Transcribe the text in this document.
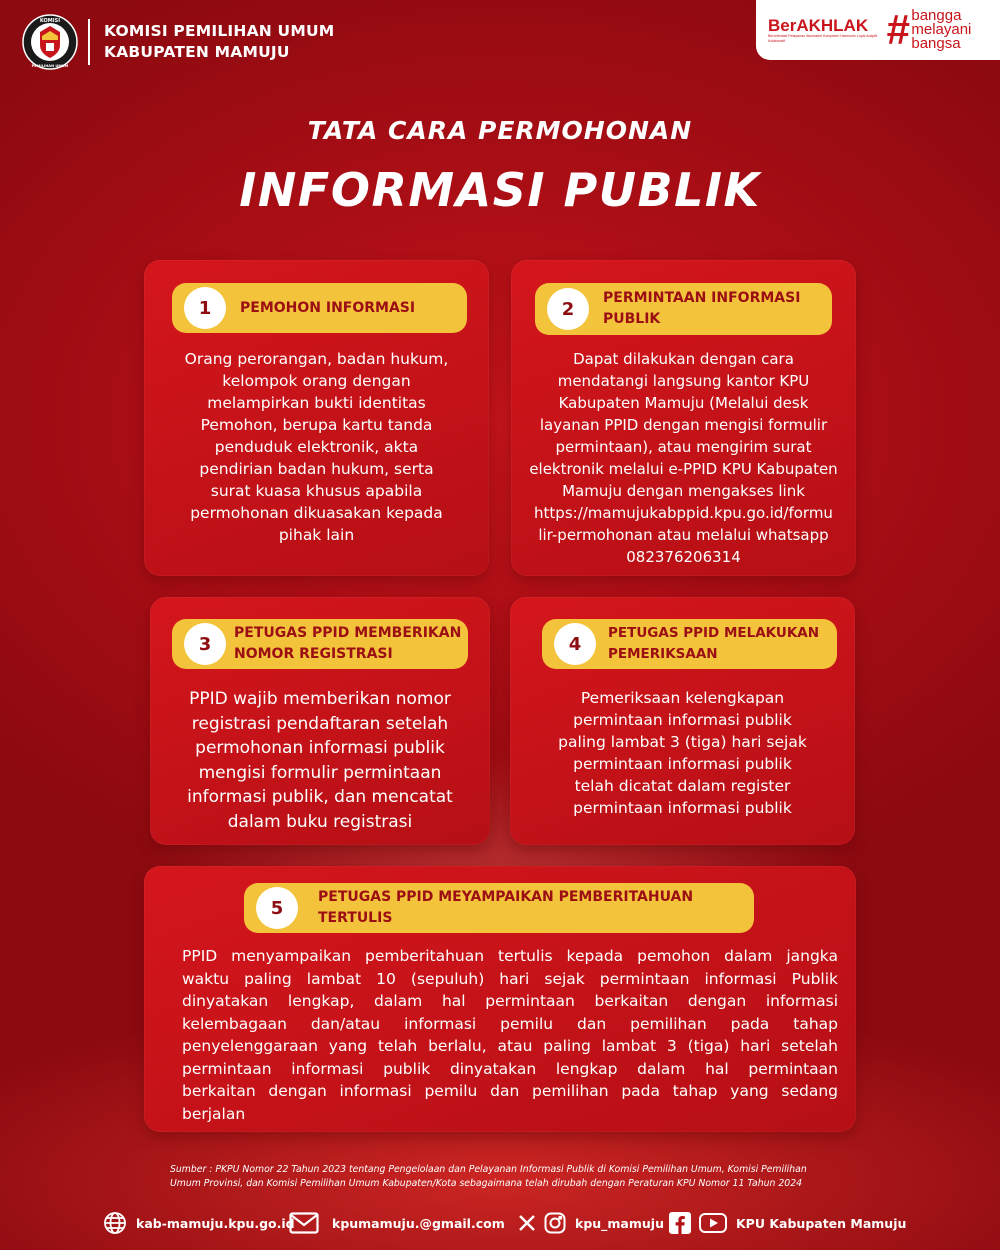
KOMISI
PEMILIHAN UMUM
KOMISI PEMILIHAN UMUM
KABUPATEN MAMUJU
BerAKHLAK
Berorientasi Pelayanan Akuntabel Kompeten Harmonis Loyal Adaptif Kolaboratif	# bangga
melayani
bangsa
TATA CARA PERMOHONAN
INFORMASI PUBLIK
1	PEMOHON INFORMASI
Orang perorangan, badan hukum,
kelompok orang dengan
melampirkan bukti identitas
Pemohon, berupa kartu tanda
penduduk elektronik, akta
pendirian badan hukum, serta
surat kuasa khusus apabila
permohonan dikuasakan kepada
pihak lain
2
PERMINTAAN INFORMASI
PUBLIK
Dapat dilakukan dengan cara
mendatangi langsung kantor KPU
Kabupaten Mamuju (Melalui desk
layanan PPID dengan mengisi formulir
permintaan), atau mengirim surat
elektronik melalui e-PPID KPU Kabupaten
Mamuju dengan mengakses link
https://mamujukabppid.kpu.go.id/formu
lir-permohonan atau melalui whatsapp
082376206314
3
PETUGAS PPID MEMBERIKAN
NOMOR REGISTRASI
PPID wajib memberikan nomor
registrasi pendaftaran setelah
permohonan informasi publik
mengisi formulir permintaan
informasi publik, dan mencatat
dalam buku registrasi
4
PETUGAS PPID MELAKUKAN
PEMERIKSAAN
Pemeriksaan kelengkapan
permintaan informasi publik
paling lambat 3 (tiga) hari sejak
permintaan informasi publik
telah dicatat dalam register
permintaan informasi publik
5
PETUGAS PPID MEYAMPAIKAN PEMBERITAHUAN TERTULIS
PPID menyampaikan pemberitahuan tertulis kepada pemohon dalam jangka
waktu paling lambat 10 (sepuluh) hari sejak permintaan informasi Publik
dinyatakan lengkap, dalam hal permintaan berkaitan dengan informasi
kelembagaan dan/atau informasi pemilu dan pemilihan pada tahap
penyelenggaraan yang telah berlalu, atau paling lambat 3 (tiga) hari setelah
permintaan informasi publik dinyatakan lengkap dalam hal permintaan
berkaitan dengan informasi pemilu dan pemilihan pada tahap yang sedang
berjalan
Sumber : PKPU Nomor 22 Tahun 2023 tentang Pengelolaan dan Pelayanan Informasi Publik di Komisi Pemilihan Umum, Komisi Pemilihan
Umum Provinsi, dan Komisi Pemilihan Umum Kabupaten/Kota sebagaimana telah dirubah dengan Peraturan KPU Nomor 11 Tahun 2024
kab-mamuju.kpu.go.id	kpumamuju.@gmail.com	kpu_mamuju	KPU Kabupaten Mamuju
